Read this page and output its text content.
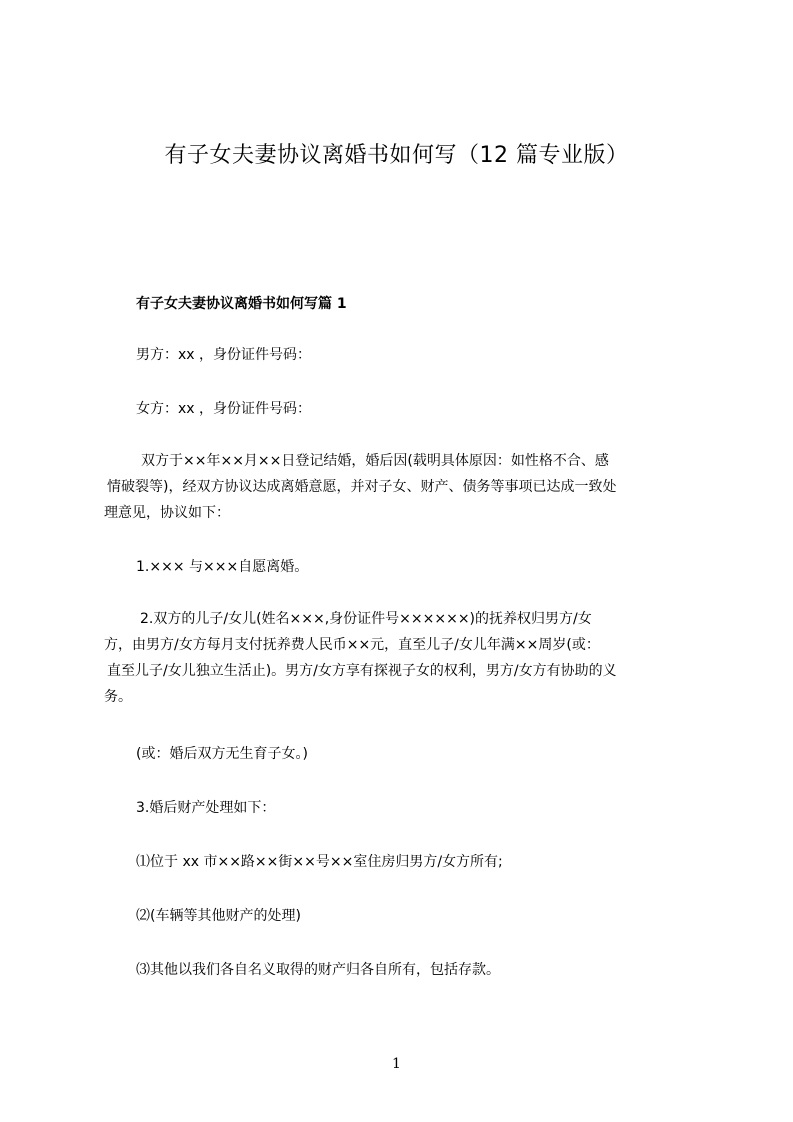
有子女夫妻协议离婚书如何写（12 篇专业版）
有子女夫妻协议离婚书如何写篇 1

男方：xx ，身份证件号码：

女方：xx ，身份证件号码：

双方于××年××月××日登记结婚，婚后因(载明具体原因：如性格不合、感
情破裂等)，经双方协议达成离婚意愿，并对子女、财产、债务等事项已达成一致处
理意见，协议如下：

1.××× 与×××自愿离婚。

2.双方的儿子/女儿(姓名×××,身份证件号××××××)的抚养权归男方/女
方，由男方/女方每月支付抚养费人民币××元，直至儿子/女儿年满××周岁(或：
直至儿子/女儿独立生活止)。男方/女方享有探视子女的权利，男方/女方有协助的义
务。

(或：婚后双方无生育子女。)

3.婚后财产处理如下：

⑴位于 xx 市××路××街××号××室住房归男方/女方所有;

⑵(车辆等其他财产的处理)

⑶其他以我们各自名义取得的财产归各自所有，包括存款。

1
